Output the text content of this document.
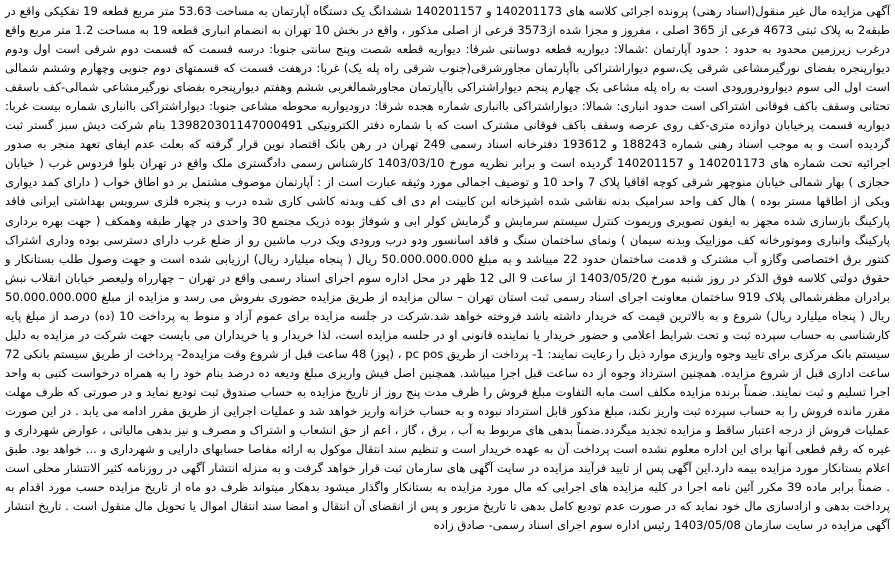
آگهی مزایده مال غیر منقول(اسناد رهنی) پرونده اجرائی کلاسه های 140201173 و 140201157 ششدانگ یک دستگاه آپارتمان به مساحت 53.63 متر مربع قطعه 19 تفکیکی واقع در طبقه2 به پلاک ثبتی 4673 فرعی از 365 اصلی ، مفروز و مجزا شده از3573 فرعی از اصلی مذکور ، واقع در بخش 10 تهران به انضمام انباری قطعه 19 به مساحت 1.2 متر مربع واقع درغرب زیرزمین محدود به حدود : حدود آپارتمان :شمالا: دیواریه قطعه دوسانتی شرقا: دیواریه قطعه شصت وپنج سانتی جنوبا: درسه قسمت که قسمت دوم شرقی است اول ودوم دیوارپنجره بفضای نورگیرمشاعی شرقی یک،سوم دیواراشتراکی باآپارتمان مجاورشرقی(جنوب شرقی راه پله یک) غربا: درهفت قسمت که قسمتهای دوم جنوبی وچهارم وششم شمالی است اول الی سوم دیوارودرورودی است به راه پله مشاعی یک چهارم پنجم دیواراشتراکی باآپارتمان مجاورشمالغربی ششم وهفتم دیوارپنجره بفضای نورگیرمشاعی شمالی-کف باسقف تحتانی وسقف باکف فوقانی اشتراکی است حدود انباری: شمالا: دیواراشتراکی باانباری شماره هجده شرقا: درودیواربه محوطه مشاعی جنوبا: دیواراشتراکی باانباری شماره بیست غربا: دیواریه قسمت پرخیابان دوازده متری-کف روی عرصه وسقف باکف فوقانی مشترک است که با شماره دفتر الکترونیکی 139820301147000491 بنام شرکت دیش سبز گستر ثبت گردیده است و به موجب اسناد رهنی شماره 188243 و 193612 دفترخانه اسناد رسمی 249 تهران در رهن بانک اقتصاد نوین قرار گرفته که بعلت عدم ایفای تعهد منجر به صدور اجرائیه تحت شماره های 140201173 و 140201157 گردیده است و برابر نظریه مورخ 1403/03/10 کارشناس رسمی دادگستری ملک واقع در تهران بلوا فردوس غرب ( خیابان حجازی ) بهار شمالی خیابان منوچهر شرقی کوچه اقاقیا پلاک 7 واحد 10 و توصیف اجمالی مورد وثیقه عبارت است از : آپارتمان موصوف مشتمل بر دو اطاق خواب ( دارای کمد دیواری ویکی از اطاقها مستر بوده ) هال کف واحد سرامیک بدنه نقاشی شده اشپزخانه ابن کابینت ام دی اف کف وبدنه کاشی کاری شده درب و پنجره فلزی سرویس بهداشتی ایرانی فاقد پارکینگ بازسازی شده مجهز به ایفون تصویری وریموت کنترل سیستم سرمایش و گرمایش کولر ابی و شوفاژ بوده ذریک مجتمع 30 واحدی در چهار طبقه وهمکف ( جهت بهره برداری پارکینگ وانباری وموتورخانه کف موزاییک وبدنه سیمان ) ونمای ساختمان سنگ و فاقد اسانسور ودو درب ورودی ویک درب ماشین رو از ضلع غرب دارای دسترسی بوده وداری اشتراک کنتور برق اختصاصی وگازو آب مشترک و قدمت ساختمان حدود 22 میباشد و به مبلغ 50.000.000.000 ریال ( پنجاه میلیارد ریال) ارزیابی شده است و جهت وصول طلب بستانکار و حقوق دولتی کلاسه فوق الذکر در روز شنبه مورخ 1403/05/20 از ساعت 9 الی 12 ظهر در محل اداره سوم اجرای اسناد رسمی واقع در تهران – چهارراه ولیعصر خیابان انقلاب نبش برادران مظفرشمالی پلاک 919 ساختمان معاونت اجرای اسناد رسمی ثبت استان تهران – سالن مزایده از طریق مزایده حضوری بفروش می رسد و مزایده از مبلغ 50.000.000.000 ریال ( پنجاه میلیارد ریال) شروع و به بالاترین قیمت که خریدار داشته باشد فروخته خواهد شد.شرکت در جلسه مزایده برای عموم آزاد و منوط به پرداخت 10 (ده) درصد از مبلغ پایه کارشناسی به حساب سپرده ثبت و تحت شرایط اعلامی و حضور خریدار یا نماینده قانونی او در جلسه مزایده است، لذا خریدار و یا خریداران می بایست جهت شرکت در مزایده به دلیل سیستم بانک مرکزی برای تایید وجوه واریزی موارد ذیل را رعایت نمایند: 1- پرداخت از طریق pc pos ، (پوز) 48 ساعت قبل از شروع وقت مزایده2- پرداخت از طریق سیستم بانکی 72 ساعت اداری قبل از شروع مزایده. همچنین استرداد وجوه از ده ساعت قبل اجرا میباشد. همچنین اصل فیش واریزی مبلغ ودیعه ده درصد بنام خود را به همراه درخواست کتبی به واحد اجرا تسلیم و ثبت نمایند. ضمناً برنده مزایده مکلف است مابه التفاوت مبلغ فروش را ظرف مدت پنج روز از تاریخ مزایده به حساب صندوق ثبت تودیع نماید و در صورتی که ظرف مهلت مقرر مانده فروش را به حساب سپرده ثبت واریز نکند، مبلغ مذکور قابل استرداد نبوده و به حساب خزانه واریز خواهد شد و عملیات اجرایی از طریق مقرر ادامه می یابد . در این صورت عملیات فروش از درجه اعتبار ساقط و مزایده تجدید میگردد.ضمناً بدهی های مربوط به آب ، برق ، گاز ، اعم از حق انشعاب و اشتراک و مصرف و نیز بدهی مالیاتی ، عوارض شهرداری و غیره که رقم قطعی آنها برای این اداره معلوم نشده است پرداخت آن به عهده خریدار است و تنظیم سند انتقال موکول به ارائه مفاصا حسابهای دارایی و شهرداری و ... خواهد بود. طبق اعلام بستانکار مورد مزایده بیمه دارد.این آگهی پس از تایید فرآیند مزایده در سایت آگهی های سازمان ثبت قرار خواهد گرفت و به منزله انتشار آگهی در روزنامه کثیر الانتشار محلی است . ضمناً برابر ماده 39 مکرر آئین نامه اجرا در کلیه مزایده های اجرایی که مال مورد مزایده به بستانکار واگذار میشود بدهکار میتواند ظرف دو ماه از تاریخ مزایده حسب مورد اقدام به پرداخت بدهی و ازادسازی مال خود نماید که در صورت عدم تودیع کامل بدهی تا تاریخ مزبور و پس از انقضای آن انتقال و امضا سند انتقال اموال یا تحویل مال منقول است . تاریخ انتشار آگهی مزایده در سایت سازمان 1403/05/08 رئیس اداره سوم اجرای اسناد رسمی- صادق زاده
